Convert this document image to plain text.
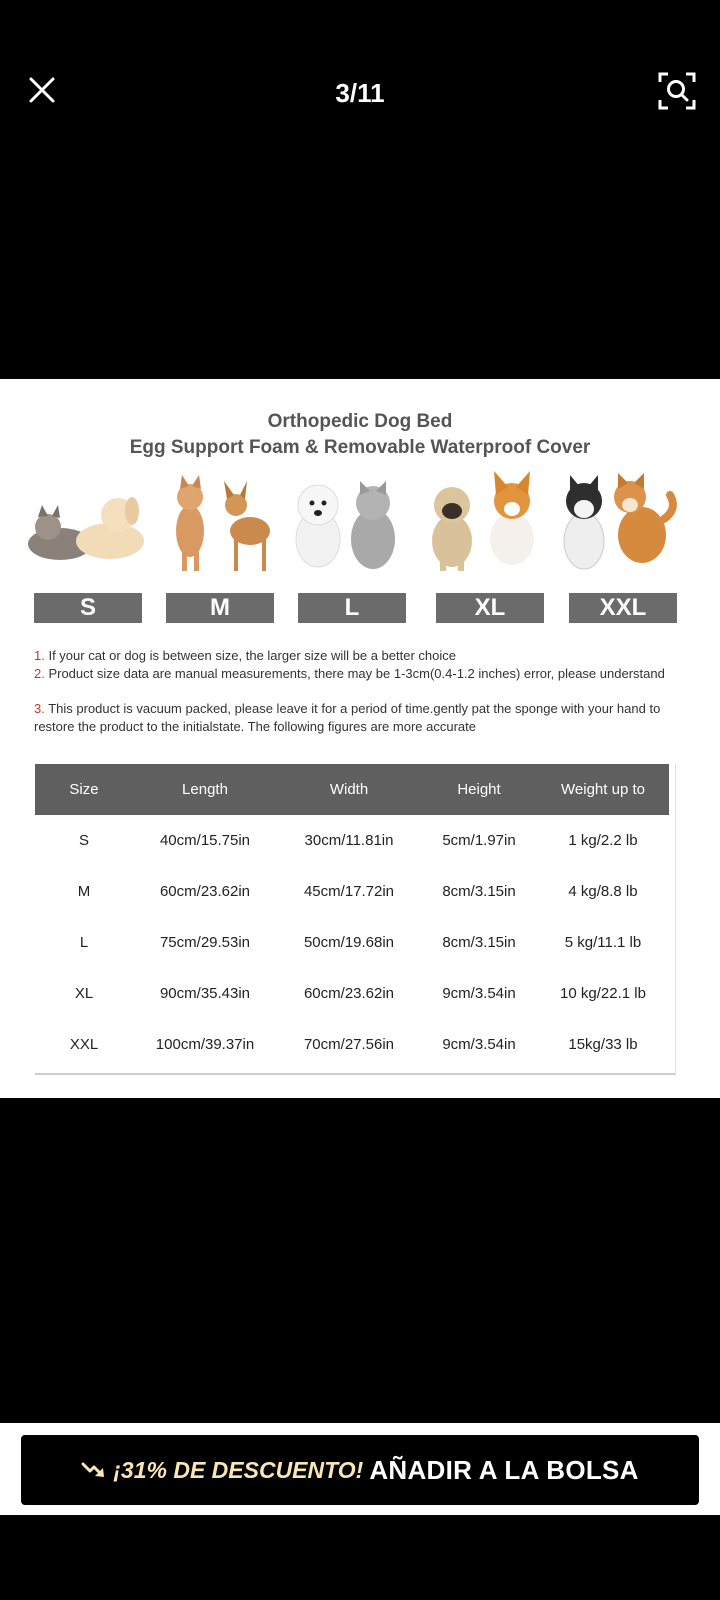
3/11
Orthopedic Dog Bed
Egg Support Foam & Removable Waterproof Cover
S	M	L	XL	XXL
1. If your cat or dog is between size, the larger size will be a better choice
2. Product size data are manual measurements, there may be 1-3cm(0.4-1.2 inches) error, please understand
3. This product is vacuum packed, please leave it for a period of time.gently pat the sponge with your hand to restore the product to the initialstate. The following figures are more accurate
Size	Length	Width	Height	Weight up to
S	40cm/15.75in	30cm/11.81in	5cm/1.97in	1 kg/2.2 lb
M	60cm/23.62in	45cm/17.72in	8cm/3.15in	4 kg/8.8 lb
L	75cm/29.53in	50cm/19.68in	8cm/3.15in	5 kg/11.1 lb
XL	90cm/35.43in	60cm/23.62in	9cm/3.54in	10 kg/22.1 lb
XXL	100cm/39.37in	70cm/27.56in	9cm/3.54in	15kg/33 lb
¡31% DE DESCUENTO! AÑADIR A LA BOLSA
